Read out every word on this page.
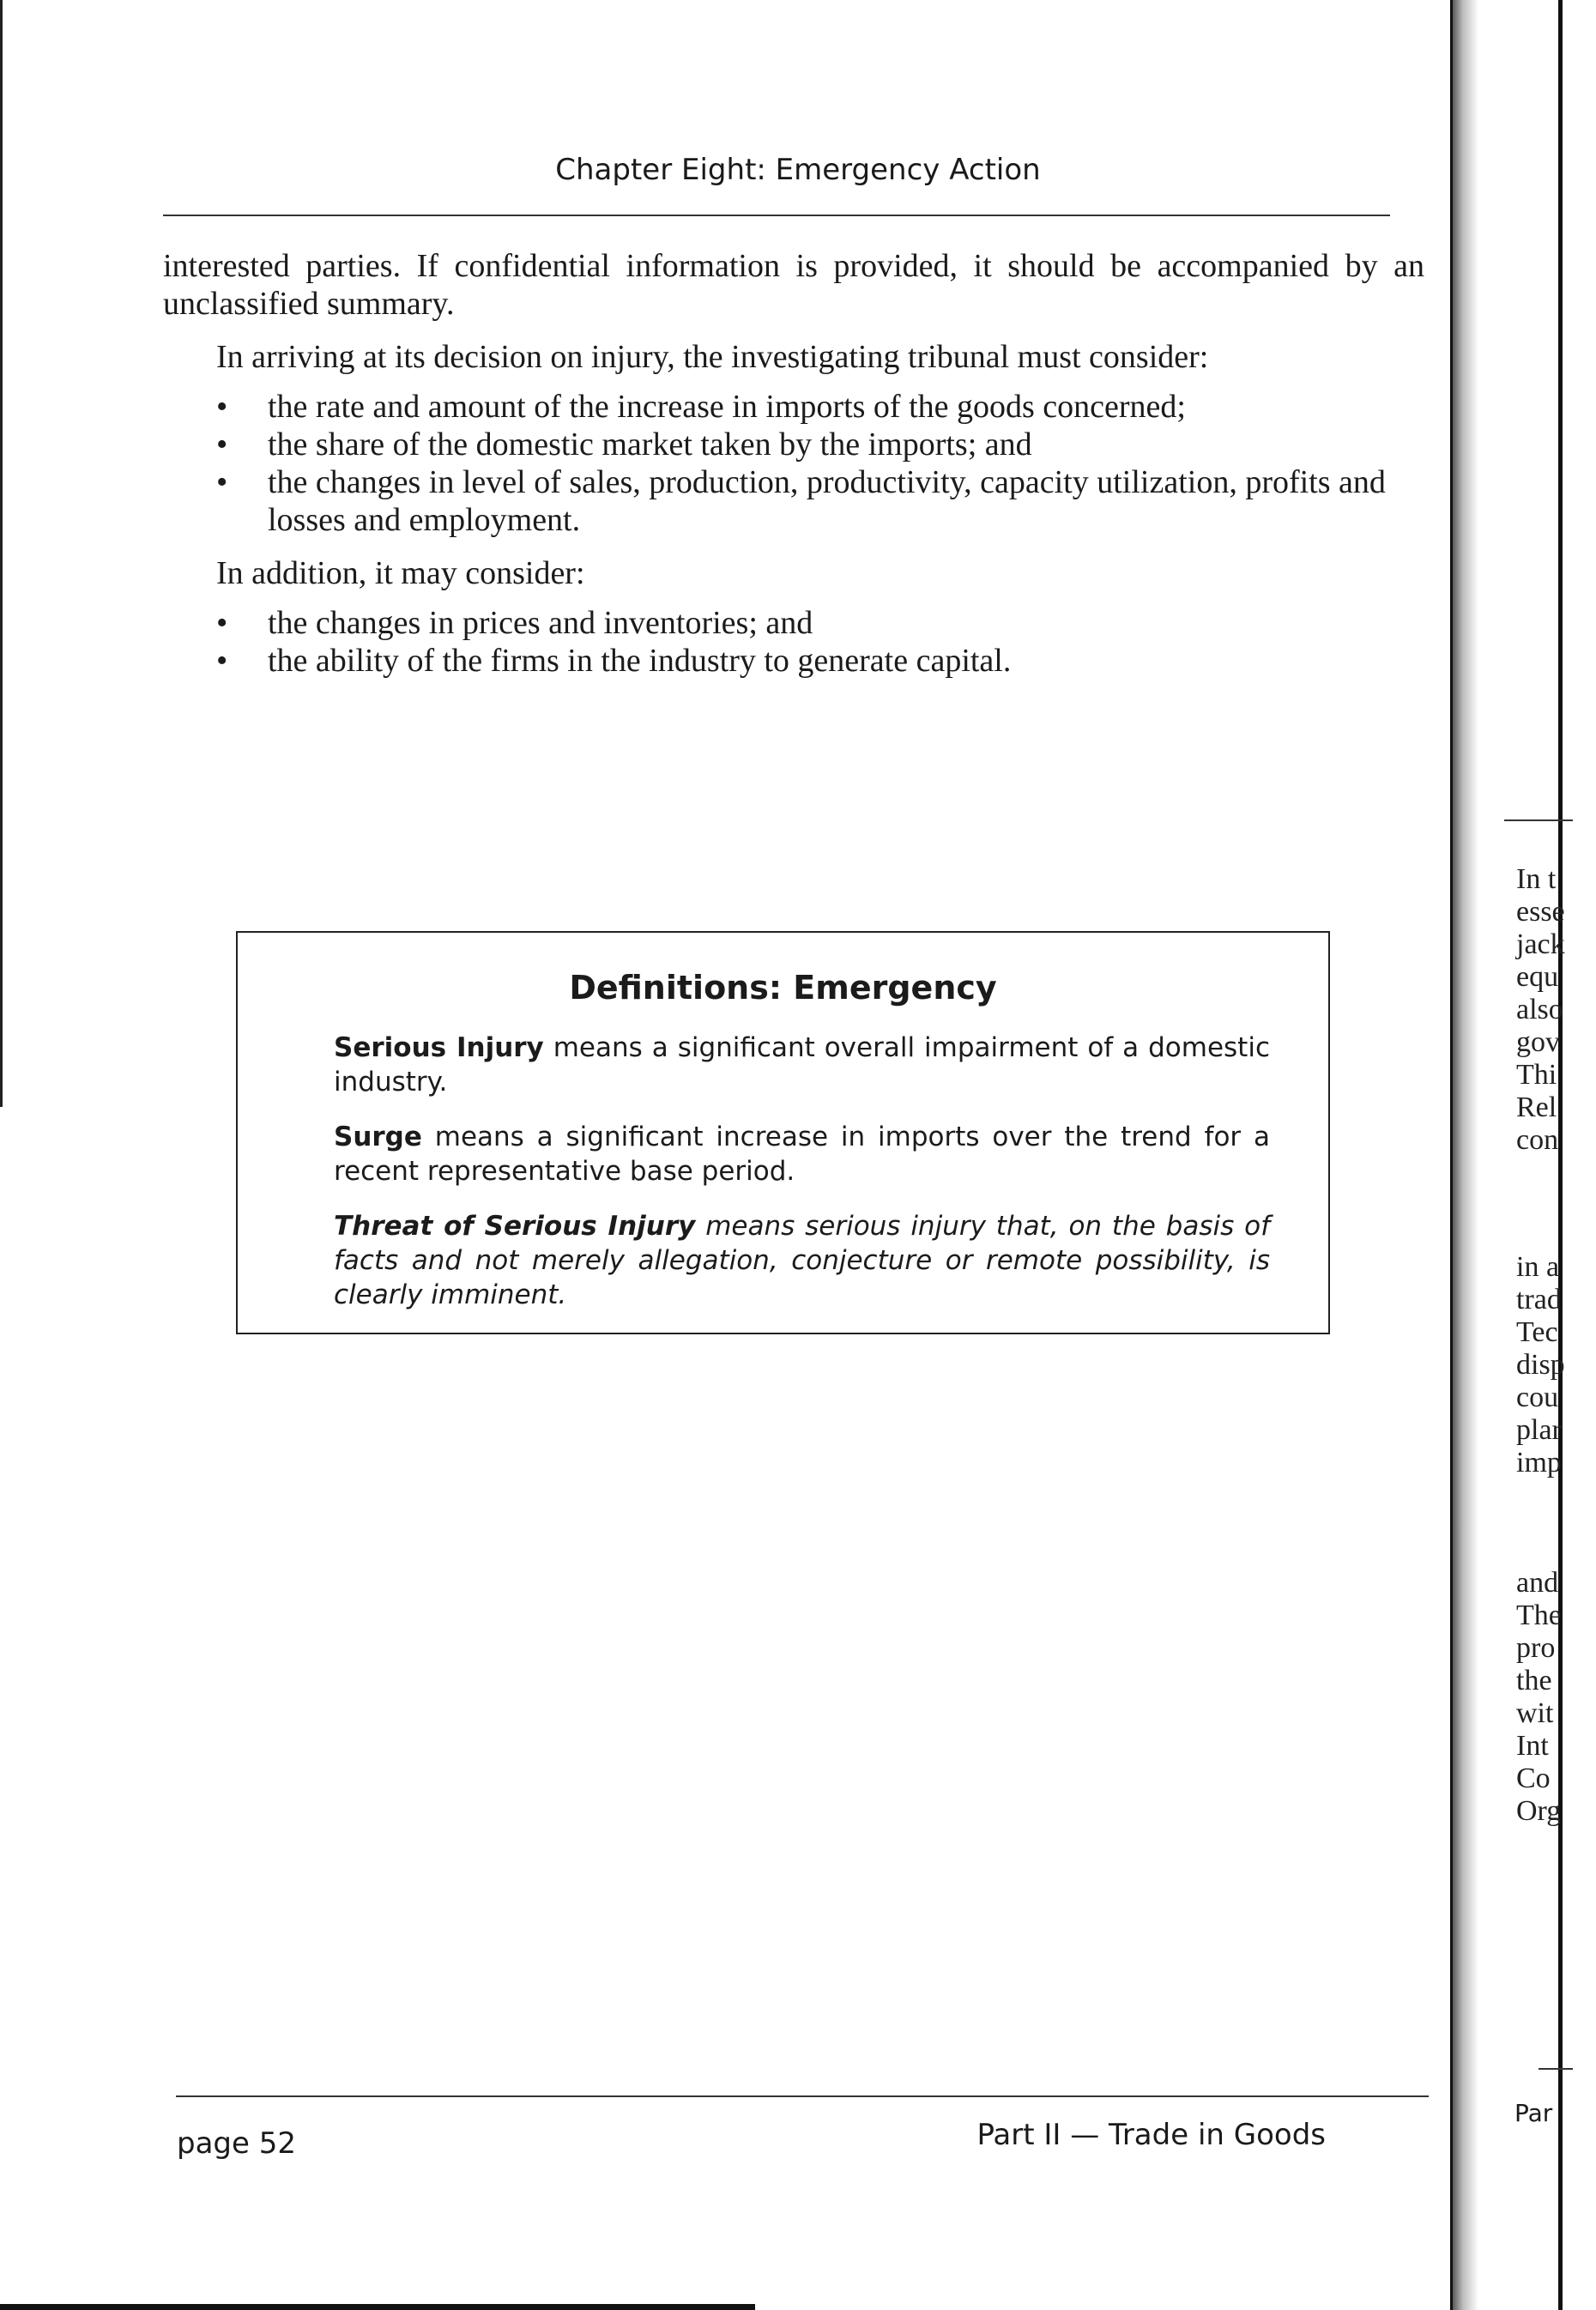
Chapter Eight: Emergency Action

interested parties. If confidential information is provided, it should be accompanied by an unclassified summary.

In arriving at its decision on injury, the investigating tribunal must consider:

•	the rate and amount of the increase in imports of the goods concerned;
•	the share of the domestic market taken by the imports; and
•	the changes in level of sales, production, productivity, capacity utilization, profits and losses and employment.

In addition, it may consider:

•	the changes in prices and inventories; and
•	the ability of the firms in the industry to generate capital.
Definitions: Emergency

Serious Injury means a significant overall impairment of a domestic industry.

Surge means a significant increase in imports over the trend for a recent representative base period.

Threat of Serious Injury means serious injury that, on the basis of facts and not merely allegation, conjecture or remote possibility, is clearly imminent.

page 52	Part II — Trade in Goods
In t
esse
jack
equ
also
gov
Thi
Rel
con
in a
trad
Tec
disp
cou
plar
imp
and
The
pro
the
wit
Int
Co
Org
Par
